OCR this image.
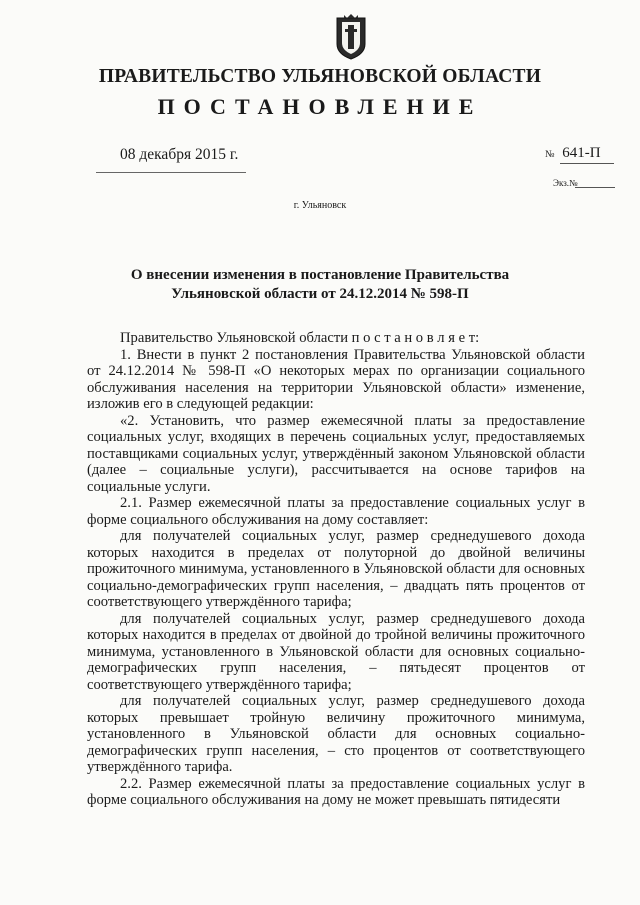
ПРАВИТЕЛЬСТВО УЛЬЯНОВСКОЙ ОБЛАСТИ
ПОСТАНОВЛЕНИЕ
08 декабря 2015 г.	№ 641-П
Экз.№
г. Ульяновск
О внесении изменения в постановление Правительства
Ульяновской области от 24.12.2014 № 598-П

Правительство Ульяновской области п о с т а н о в л я е т:

1. Внести в пункт 2 постановления Правительства Ульяновской области от 24.12.2014 № 598-П «О некоторых мерах по организации социального обслуживания населения на территории Ульяновской области» изменение, изложив его в следующей редакции:

«2. Установить, что размер ежемесячной платы за предоставление социальных услуг, входящих в перечень социальных услуг, предоставляемых поставщиками социальных услуг, утверждённый законом Ульяновской области (далее – социальные услуги), рассчитывается на основе тарифов на социальные услуги.

2.1. Размер ежемесячной платы за предоставление социальных услуг в форме социального обслуживания на дому составляет:

для получателей социальных услуг, размер среднедушевого дохода которых находится в пределах от полуторной до двойной величины прожиточного минимума, установленного в Ульяновской области для основных социально-демографических групп населения, – двадцать пять процентов от соответствующего утверждённого тарифа;

для получателей социальных услуг, размер среднедушевого дохода которых находится в пределах от двойной до тройной величины прожиточного минимума, установленного в Ульяновской области для основных социально-демографических групп населения, – пятьдесят процентов от соответствующего утверждённого тарифа;

для получателей социальных услуг, размер среднедушевого дохода которых превышает тройную величину прожиточного минимума, установленного в Ульяновской области для основных социально-демографических групп населения, – сто процентов от соответствующего утверждённого тарифа.

2.2. Размер ежемесячной платы за предоставление социальных услуг в форме социального обслуживания на дому не может превышать пятидесяти
